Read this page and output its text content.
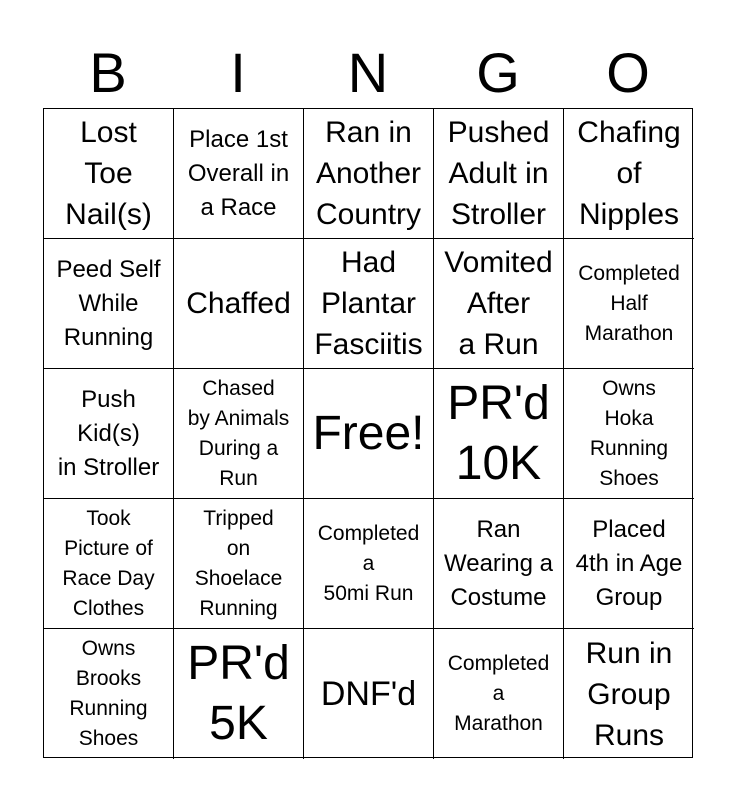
B	I	N	G	O
Lost
Toe
Nail(s)
Place 1st
Overall in
a Race
Ran in
Another
Country
Pushed
Adult in
Stroller
Chafing
of
Nipples
Peed Self
While
Running
Chaffed
Had
Plantar
Fasciitis
Vomited
After
a Run
Completed
Half
Marathon
Push
Kid(s)
in Stroller
Chased
by Animals
During a
Run
Free!
PR'd
10K
Owns
Hoka
Running
Shoes
Took
Picture of
Race Day
Clothes
Tripped
on
Shoelace
Running
Completed
a
50mi Run
Ran
Wearing a
Costume
Placed
4th in Age
Group
Owns
Brooks
Running
Shoes
PR'd
5K
DNF'd
Completed
a
Marathon
Run in
Group
Runs
